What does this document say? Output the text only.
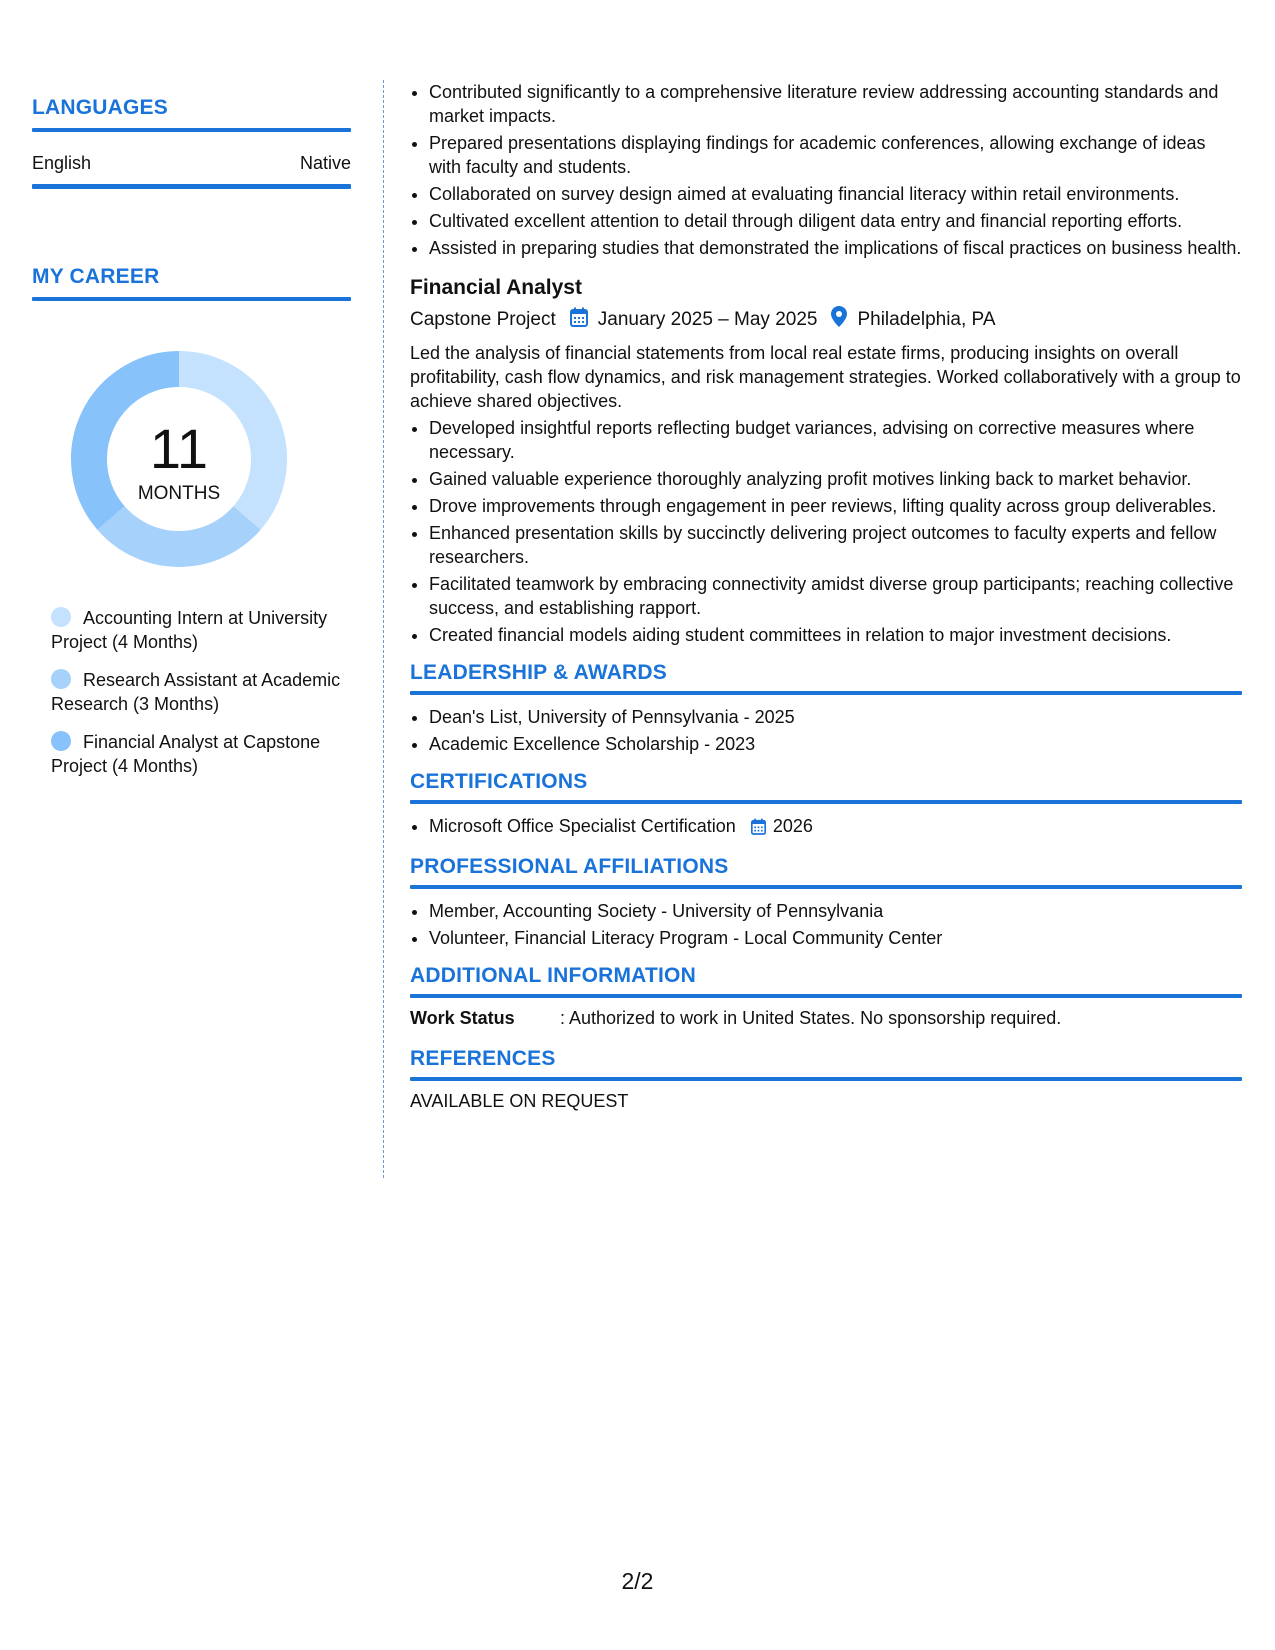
LANGUAGES
English	Native
MY CAREER
11
MONTHS
Accounting Intern at University Project (4 Months)
Research Assistant at Academic Research (3 Months)
Financial Analyst at Capstone Project (4 Months)
• Contributed significantly to a comprehensive literature review addressing accounting standards and market impacts.
• Prepared presentations displaying findings for academic conferences, allowing exchange of ideas with faculty and students.
• Collaborated on survey design aimed at evaluating financial literacy within retail environments.
• Cultivated excellent attention to detail through diligent data entry and financial reporting efforts.
• Assisted in preparing studies that demonstrated the implications of fiscal practices on business health.
Financial Analyst
Capstone Project January 2025 – May 2025 Philadelphia, PA
Led the analysis of financial statements from local real estate firms, producing insights on overall profitability, cash flow dynamics, and risk management strategies. Worked collaboratively with a group to achieve shared objectives.
• Developed insightful reports reflecting budget variances, advising on corrective measures where necessary.
• Gained valuable experience thoroughly analyzing profit motives linking back to market behavior.
• Drove improvements through engagement in peer reviews, lifting quality across group deliverables.
• Enhanced presentation skills by succinctly delivering project outcomes to faculty experts and fellow researchers.
• Facilitated teamwork by embracing connectivity amidst diverse group participants; reaching collective success, and establishing rapport.
• Created financial models aiding student committees in relation to major investment decisions.
LEADERSHIP & AWARDS
• Dean's List, University of Pennsylvania - 2025
• Academic Excellence Scholarship - 2023
CERTIFICATIONS
• Microsoft Office Specialist Certification 2026
PROFESSIONAL AFFILIATIONS
• Member, Accounting Society - University of Pennsylvania
• Volunteer, Financial Literacy Program - Local Community Center
ADDITIONAL INFORMATION
Work Status	: Authorized to work in United States. No sponsorship required.
REFERENCES
AVAILABLE ON REQUEST
2/2
